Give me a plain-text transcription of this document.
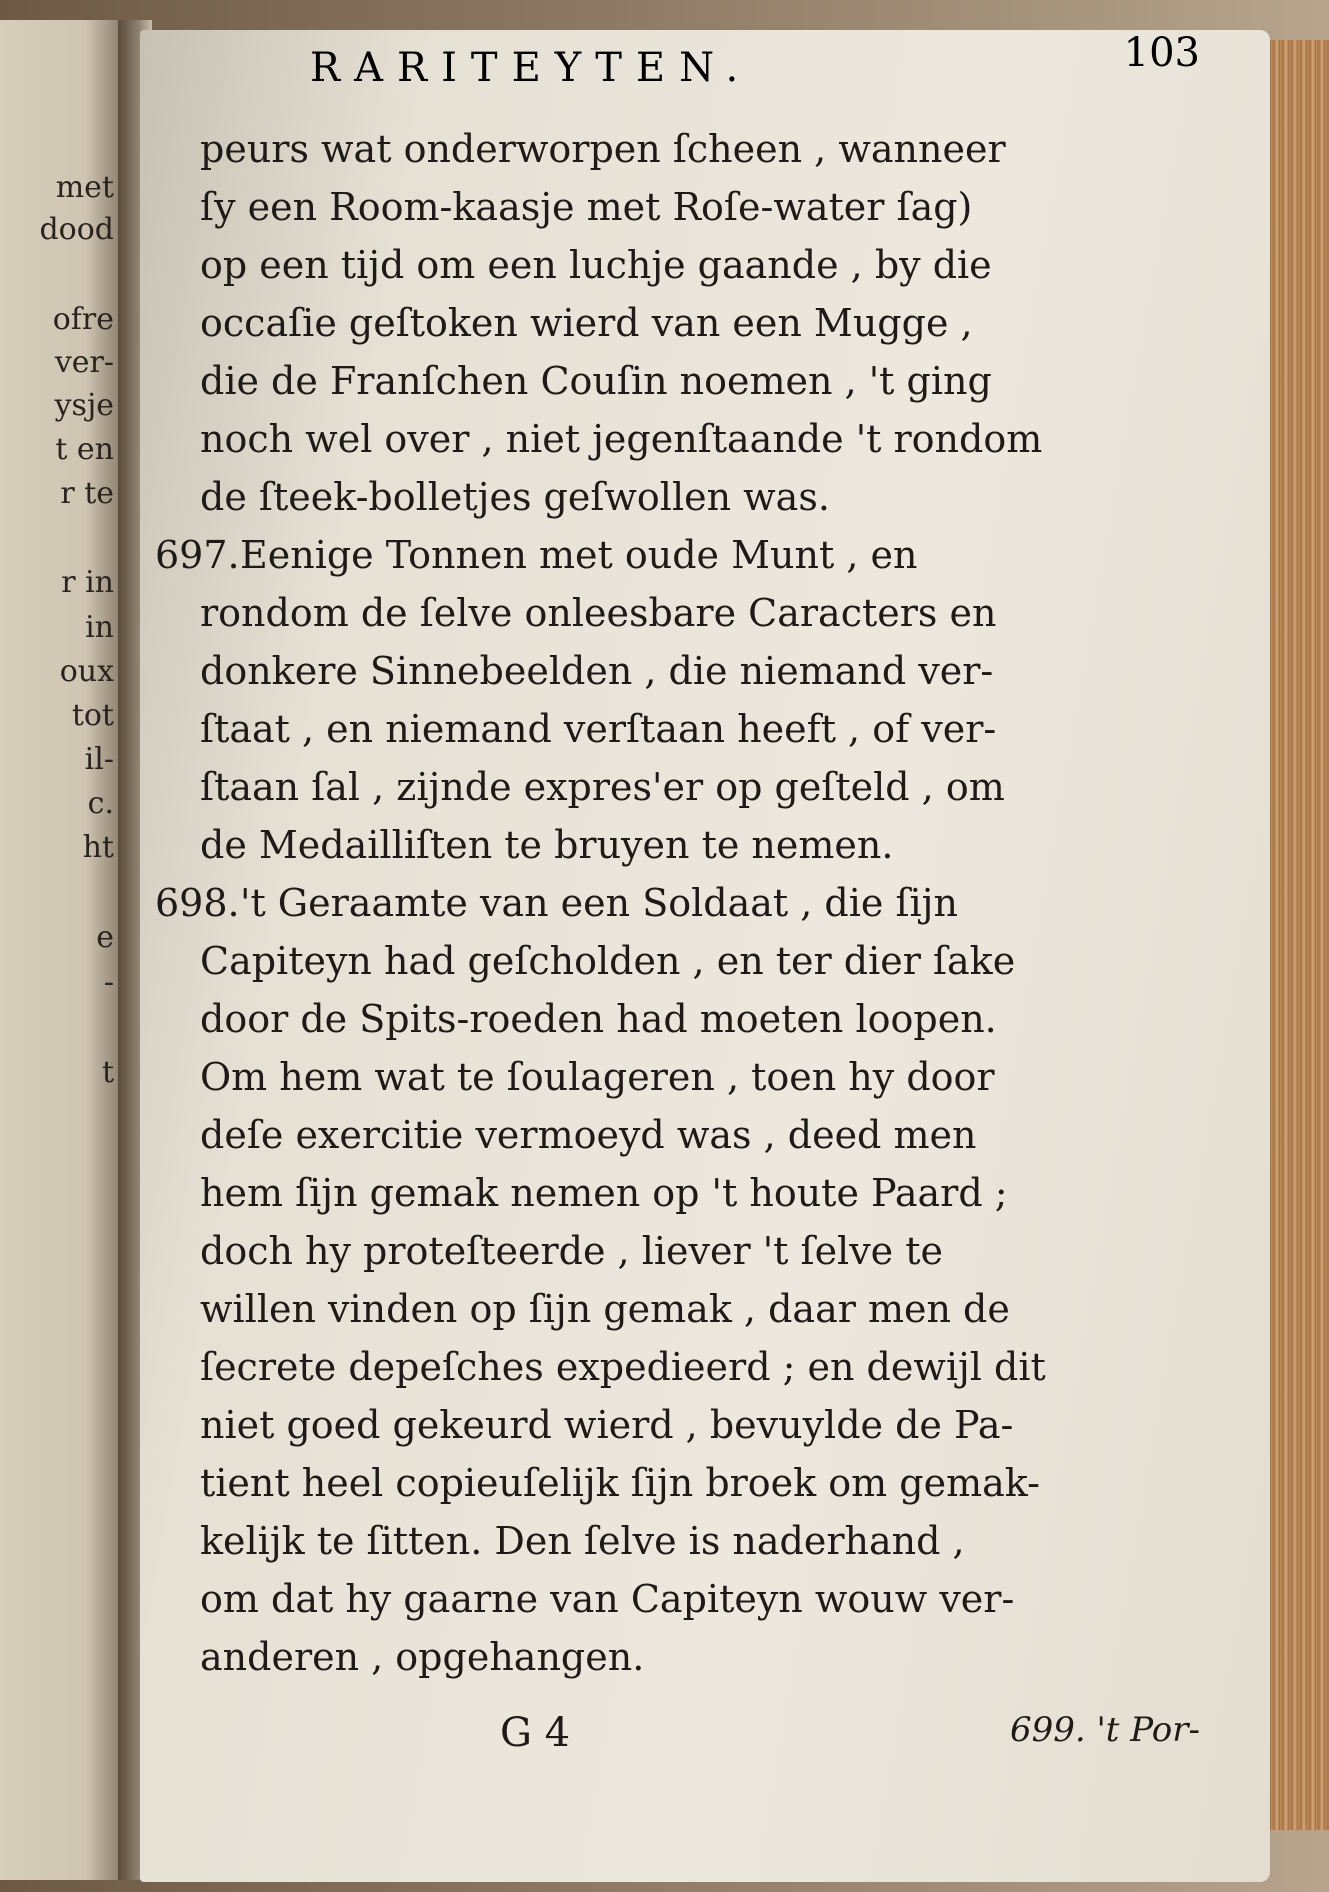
met
dood
ofre
ver-
ysje
t en
r te
r in
in
oux
tot
il-
c.
ht
e
-
t
RARITEYTEN.	103
peurs wat onderworpen ſcheen , wanneer
ſy een Room-kaasje met Roſe-water ſag)
op een tijd om een luchje gaande , by die
occaſie geſtoken wierd van een Mugge ,
die de Franſchen Couſin noemen , 't ging
noch wel over , niet jegenſtaande 't rondom
de ſteek-bolletjes geſwollen was.
697. Eenige Tonnen met oude Munt , en
rondom de ſelve onleesbare Caracters en
donkere Sinnebeelden , die niemand ver-
ſtaat , en niemand verſtaan heeft , of ver-
ſtaan ſal , zijnde expres'er op geſteld , om
de Medailliſten te bruyen te nemen.
698. 't Geraamte van een Soldaat , die ſijn
Capiteyn had geſcholden , en ter dier ſake
door de Spits-roeden had moeten loopen.
Om hem wat te ſoulageren , toen hy door
deſe exercitie vermoeyd was , deed men
hem ſijn gemak nemen op 't houte Paard ;
doch hy proteſteerde , liever 't ſelve te
willen vinden op ſijn gemak , daar men de
ſecrete depeſches expedieerd ; en dewijl dit
niet goed gekeurd wierd , bevuylde de Pa-
tient heel copieuſelijk ſijn broek om gemak-
kelijk te ſitten. Den ſelve is naderhand ,
om dat hy gaarne van Capiteyn wouw ver-
anderen , opgehangen.
G 4	699. 't Por-
